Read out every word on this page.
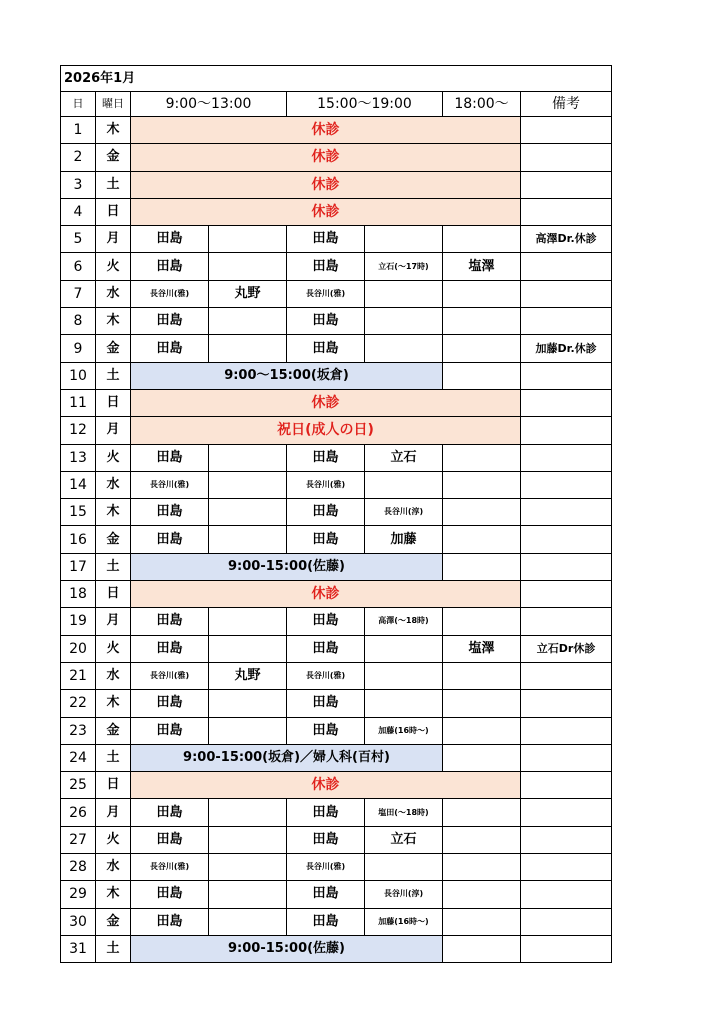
2026年1月								
日	曜日	9:00～13:00		15:00～19:00		18:00～	備考	
1	木	休診						
2	金	休診						
3	土	休診						
4	日	休診						
5	月	田島		田島			高澤Dr.休診	
6	火	田島		田島	立石(～17時)	塩澤		
7	水	長谷川(雅)	丸野	長谷川(雅)				
8	木	田島		田島				
9	金	田島		田島			加藤Dr.休診	
10	土	9:00～15:00(坂倉)						
11	日	休診						
12	月	祝日(成人の日)						
13	火	田島		田島	立石			
14	水	長谷川(雅)		長谷川(雅)				
15	木	田島		田島	長谷川(淳)			
16	金	田島		田島	加藤			
17	土	9:00-15:00(佐藤)						
18	日	休診						
19	月	田島		田島	高澤(～18時)			
20	火	田島		田島		塩澤	立石Dr休診	
21	水	長谷川(雅)	丸野	長谷川(雅)				
22	木	田島		田島				
23	金	田島		田島	加藤(16時～)			
24	土	9:00-15:00(坂倉)／婦人科(百村)						
25	日	休診						
26	月	田島		田島	塩田(～18時)			
27	火	田島		田島	立石			
28	水	長谷川(雅)		長谷川(雅)				
29	木	田島		田島	長谷川(淳)			
30	金	田島		田島	加藤(16時～)			
31	土	9:00-15:00(佐藤)						
